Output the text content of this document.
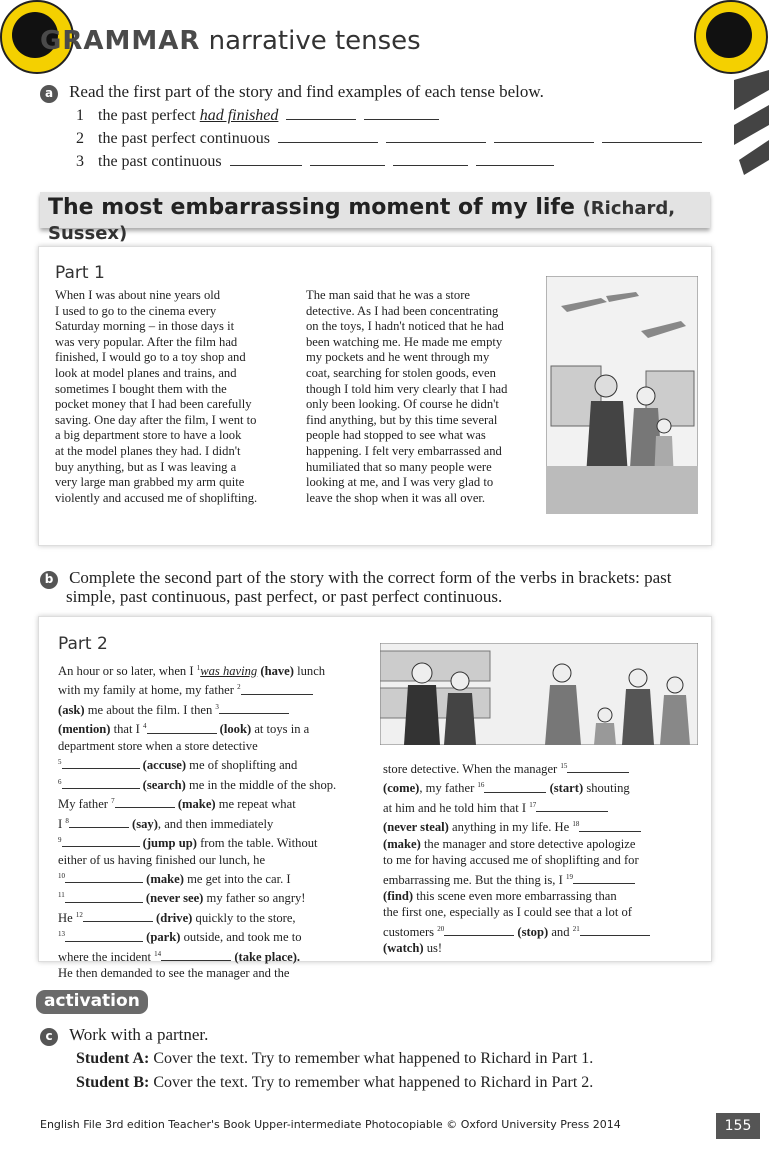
GRAMMAR narrative tenses
a Read the first part of the story and find examples of each tense below.
1 the past perfect had finished
2 the past perfect continuous
3 the past continuous
The most embarrassing moment of my life (Richard, Sussex)
Part 1
When I was about nine years old
I used to go to the cinema every
Saturday morning – in those days it
was very popular. After the film had
finished, I would go to a toy shop and
look at model planes and trains, and
sometimes I bought them with the
pocket money that I had been carefully
saving. One day after the film, I went to
a big department store to have a look
at the model planes they had. I didn't
buy anything, but as I was leaving a
very large man grabbed my arm quite
violently and accused me of shoplifting.
The man said that he was a store
detective. As I had been concentrating
on the toys, I hadn't noticed that he had
been watching me. He made me empty
my pockets and he went through my
coat, searching for stolen goods, even
though I told him very clearly that I had
only been looking. Of course he didn't
find anything, but by this time several
people had stopped to see what was
happening. I felt very embarrassed and
humiliated that so many people were
looking at me, and I was very glad to
leave the shop when it was all over.
b Complete the second part of the story with the correct form of the verbs in brackets: past
simple, past continuous, past perfect, or past perfect continuous.
Part 2
An hour or so later, when I $^1$was having (have) lunch
with my family at home, my father $^2$
(ask) me about the film. I then $^3$
(mention) that I $^4$	(look) at toys in a
department store when a store detective
$^5$	(accuse) me of shoplifting and
$^6$	(search) me in the middle of the shop.
My father $^7$	(make) me repeat what
I $^8$	(say), and then immediately
$^9$	(jump up) from the table. Without
either of us having finished our lunch, he
$^{10}$	(make) me get into the car. I
$^{11}$	(never see) my father so angry!
He $^{12}$	(drive) quickly to the store,
$^{13}$	(park) outside, and took me to
where the incident $^{14}$	(take place).
He then demanded to see the manager and the
store detective. When the manager $^{15}$
(come), my father $^{16}$	(start) shouting
at him and he told him that I $^{17}$
(never steal) anything in my life. He $^{18}$
(make) the manager and store detective apologize
to me for having accused me of shoplifting and for
embarrassing me. But the thing is, I $^{19}$
(find) this scene even more embarrassing than
the first one, especially as I could see that a lot of
customers $^{20}$	(stop) and $^{21}$
(watch) us!
activation
c Work with a partner.
Student A: Cover the text. Try to remember what happened to Richard in Part 1.
Student B: Cover the text. Try to remember what happened to Richard in Part 2.
English File 3rd edition Teacher's Book Upper-intermediate Photocopiable © Oxford University Press 2014	155
